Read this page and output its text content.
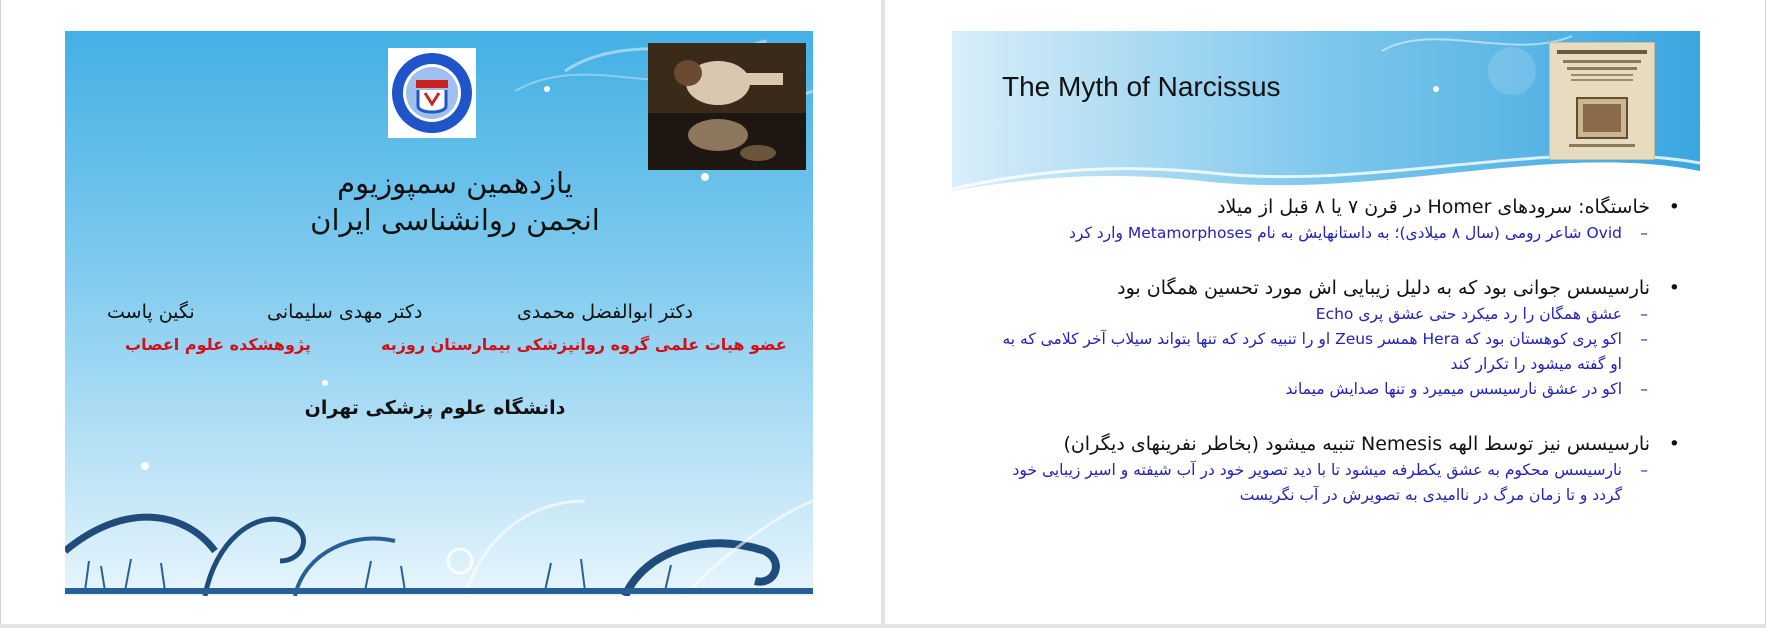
یازدهمین سمپوزیوم
انجمن روانشناسی ایران
دکتر ابوالفضل محمدی
دکتر مهدی سلیمانی
نگین پاست
عضو هیات علمی گروه روانپزشکی بیمارستان روزبه
پژوهشکده علوم اعصاب
دانشگاه علوم پزشکی تهران
The Myth of Narcissus
• خاستگاه: سرودهای Homer در قرن ۷ یا ۸ قبل از میلاد
– Ovid شاعر رومی (سال ۸ میلادی)؛ به داستانهایش به نام Metamorphoses وارد کرد
• نارسیسس جوانی بود که به دلیل زیبایی اش مورد تحسین همگان بود
– عشق همگان را رد میکرد حتی عشق پری Echo
– اکو پری کوهستان بود که Hera همسر Zeus او را تنبیه کرد که تنها بتواند سیلاب آخر کلامی که به او گفته میشود را تکرار کند
– اکو در عشق نارسیسس میمیرد و تنها صدایش میماند
• نارسیسس نیز توسط الهه Nemesis تنبیه میشود (بخاطر نفرینهای دیگران)
– نارسیسس محکوم به عشق یکطرفه میشود تا با دید تصویر خود در آب شیفته و اسیر زیبایی خود گردد و تا زمان مرگ در ناامیدی به تصویرش در آب نگریست
